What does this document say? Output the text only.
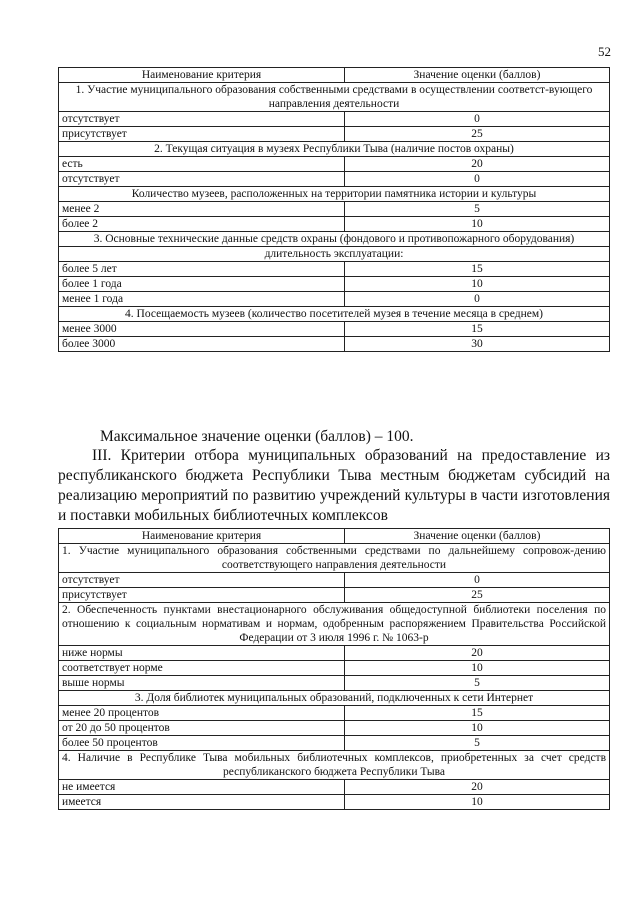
52
Наименование критерия	Значение оценки (баллов)
1. Участие муниципального образования собственными средствами в осуществлении соответст-вующего направления деятельности	
отсутствует	0
присутствует	25
2. Текущая ситуация в музеях Республики Тыва (наличие постов охраны)	
есть	20
отсутствует	0
Количество музеев, расположенных на территории памятника истории и культуры	
менее 2	5
более 2	10
3. Основные технические данные средств охраны (фондового и противопожарного оборудования)	
длительность эксплуатации:	
более 5 лет	15
более 1 года	10
менее 1 года	0
4. Посещаемость музеев (количество посетителей музея в течение месяца в среднем)	
менее 3000	15
более 3000	30
Максимальное значение оценки (баллов) – 100.
III. Критерии отбора муниципальных образований на предоставление из республиканского бюджета Республики Тыва местным бюджетам субсидий на реализацию мероприятий по развитию учреждений культуры в части изготовления и поставки мобильных библиотечных комплексов
Наименование критерия	Значение оценки (баллов)
1. Участие муниципального образования собственными средствами по дальнейшему сопровож-дению соответствующего направления деятельности	
отсутствует	0
присутствует	25
2. Обеспеченность пунктами внестационарного обслуживания общедоступной библиотеки поселения по отношению к социальным нормативам и нормам, одобренным распоряжением Правительства Российской Федерации от 3 июля 1996 г. № 1063-р	
ниже нормы	20
соответствует норме	10
выше нормы	5
3. Доля библиотек муниципальных образований, подключенных к сети Интернет	
менее 20 процентов	15
от 20 до 50 процентов	10
более 50 процентов	5
4. Наличие в Республике Тыва мобильных библиотечных комплексов, приобретенных за счет средств республиканского бюджета Республики Тыва	
не имеется	20
имеется	10
